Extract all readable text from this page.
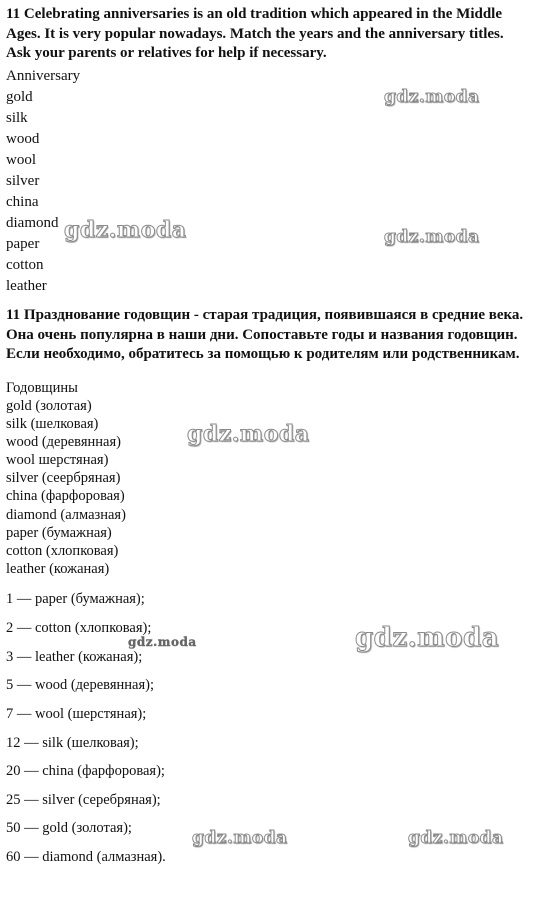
11 Celebrating anniversaries is an old tradition which appeared in the Middle Ages. It is very popular nowadays. Match the years and the anniversary titles. Ask your parents or relatives for help if necessary.

Anniversary
gold
silk
wood
wool
silver
china
diamond
paper
cotton
leather

11 Празднование годовщин - старая традиция, появившаяся в средние века. Она очень популярна в наши дни. Сопоставьте годы и названия годовщин. Если необходимо, обратитесь за помощью к родителям или родственникам.

Годовщины
gold (золотая)
silk (шелковая)
wood (деревянная)
wool шерстяная)
silver (сеербряная)
china (фарфоровая)
diamond (алмазная)
paper (бумажная)
cotton (хлопковая)
leather (кожаная)
1 — paper (бумажная);
2 — cotton (хлопковая);
3 — leather (кожаная);
5 — wood (деревянная);
7 — wool (шерстяная);
12 — silk (шелковая);
20 — china (фарфоровая);
25 — silver (серебряная);
50 — gold (золотая);
60 — diamond (алмазная).
gdz.moda
gdz.moda	gdz.moda
gdz.moda
gdz.moda
gdz.moda
gdz.moda	gdz.moda
